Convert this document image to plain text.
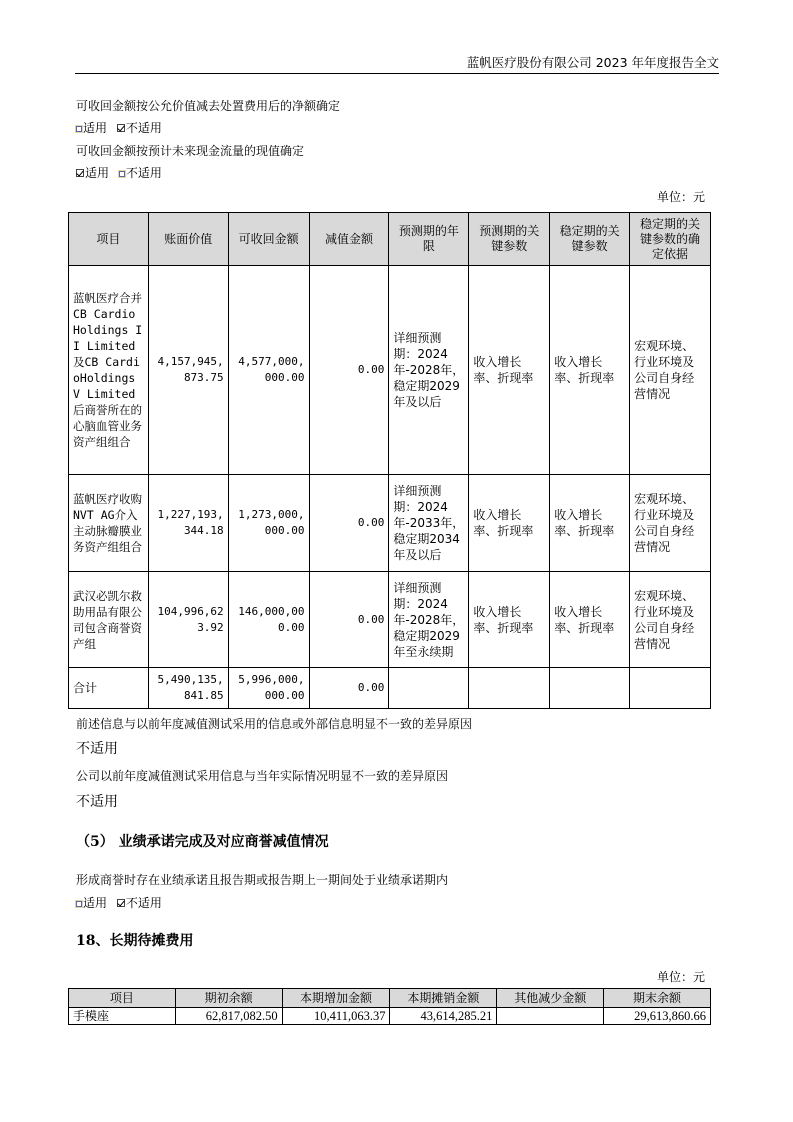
蓝帆医疗股份有限公司 2023 年年度报告全文
可收回金额按公允价值减去处置费用后的净额确定
适用 不适用
可收回金额按预计未来现金流量的现值确定
适用 不适用
单位：元
项目	账面价值	可收回金额	减值金额	预测期的年限	预测期的关键参数	稳定期的关键参数	稳定期的关键参数的确定依据
蓝帆医疗合并CB Cardio Holdings II Limited及CB CardioHoldings V Limited后商誉所在的心脑血管业务资产组组合	4,157,945,873.75	4,577,000,000.00	0.00	详细预测期：2024年-2028年，稳定期2029年及以后	收入增长率、折现率	收入增长率、折现率	宏观环境、行业环境及公司自身经营情况
蓝帆医疗收购NVT AG介入主动脉瓣膜业务资产组组合	1,227,193,344.18	1,273,000,000.00	0.00	详细预测期：2024年-2033年，稳定期2034年及以后	收入增长率、折现率	收入增长率、折现率	宏观环境、行业环境及公司自身经营情况
武汉必凯尔救助用品有限公司包含商誉资产组	104,996,623.92	146,000,000.00	0.00	详细预测期：2024年-2028年，稳定期2029年至永续期	收入增长率、折现率	收入增长率、折现率	宏观环境、行业环境及公司自身经营情况
合计	5,490,135,841.85	5,996,000,000.00	0.00				
前述信息与以前年度减值测试采用的信息或外部信息明显不一致的差异原因
不适用
公司以前年度减值测试采用信息与当年实际情况明显不一致的差异原因
不适用
（5） 业绩承诺完成及对应商誉减值情况
形成商誉时存在业绩承诺且报告期或报告期上一期间处于业绩承诺期内
适用 不适用
18、长期待摊费用
单位：元
项目	期初余额	本期增加金额	本期摊销金额	其他减少金额	期末余额
手模座	62,817,082.50	10,411,063.37	43,614,285.21		29,613,860.66
